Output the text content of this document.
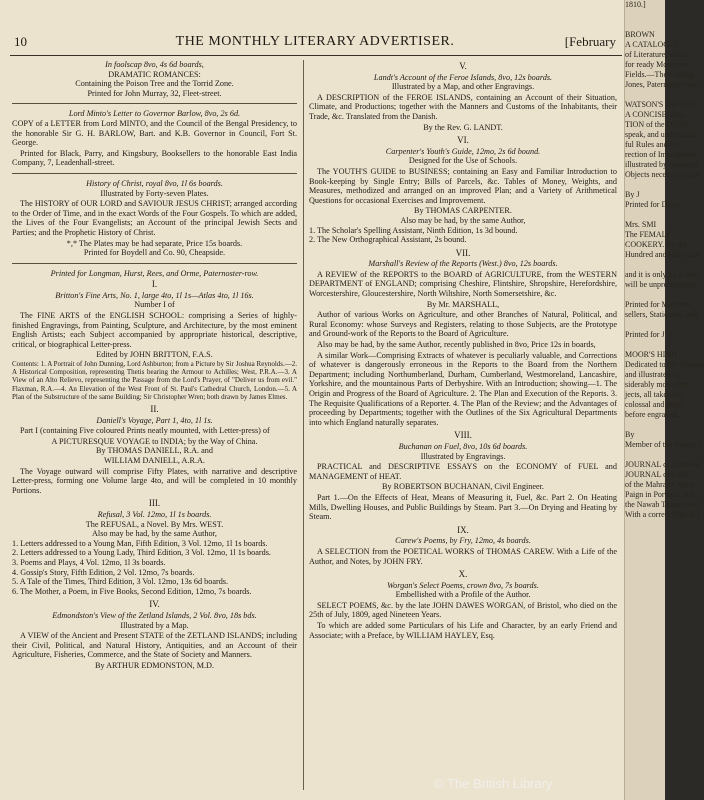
10	THE MONTHLY LITERARY ADVERTISER.	[February
In foolscap 8vo, 4s 6d boards,
DRAMATIC ROMANCES:
Containing the Poison Tree and the Torrid Zone.
Printed for John Murray, 32, Fleet-street.
Lord Minto's Letter to Governor Barlow, 8vo, 2s 6d.
COPY of a LETTER from Lord MINTO, and the Council of the Bengal Presidency, to the honorable Sir G. H. BARLOW, Bart. and K.B. Governor in Council, Fort St. George.
Printed for Black, Parry, and Kingsbury, Booksellers to the honorable East India Company, 7, Leadenhall-street.
History of Christ, royal 8vo, 1l 6s boards.
Illustrated by Forty-seven Plates.
The HISTORY of OUR LORD and SAVIOUR JESUS CHRIST; arranged according to the Order of Time, and in the exact Words of the Four Gospels. To which are added, the Lives of the Four Evangelists; an Account of the principal Jewish Sects and Parties; and the Prophetic History of Christ.
*,* The Plates may be had separate, Price 15s boards.
Printed for Boydell and Co. 90, Cheapside.
Printed for Longman, Hurst, Rees, and Orme, Paternoster-row.
I.
Britton's Fine Arts, No. 1, large 4to, 1l 1s—Atlas 4to, 1l 16s.
Number I of
The FINE ARTS of the ENGLISH SCHOOL: comprising a Series of highly-finished Engravings, from Painting, Sculpture, and Architecture, by the most eminent English Artists; each Subject accompanied by appropriate historical, descriptive, critical, or biographical Letter-press.
Edited by JOHN BRITTON, F.A.S.
Contents: 1. A Portrait of John Dunning, Lord Ashburton; from a Picture by Sir Joshua Reynolds.—2. A Historical Composition, representing Thetis bearing the Armour to Achilles; West, P.R.A.—3. A View of an Alto Relievo, representing the Passage from the Lord's Prayer, of "Deliver us from evil." Flaxman, R.A.—4. An Elevation of the West Front of St. Paul's Cathedral Church, London.—5. A Plan of the Substructure of the same Building; Sir Christopher Wren; both drawn by James Elmes.
II.
Daniell's Voyage, Part 1, 4to, 1l 1s.
Part I (containing Five coloured Prints neatly mounted, with Letter-press) of
A PICTURESQUE VOYAGE to INDIA; by the Way of China.
By THOMAS DANIELL, R.A. and
WILLIAM DANIELL, A.R.A.
The Voyage outward will comprise Fifty Plates, with narrative and descriptive Letter-press, forming one Volume large 4to, and will be completed in 10 monthly Portions.
III.
Refusal, 3 Vol. 12mo, 1l 1s boards.
The REFUSAL, a Novel. By Mrs. WEST.
Also may be had, by the same Author,
1. Letters addressed to a Young Man, Fifth Edition, 3 Vol. 12mo, 1l 1s boards.
2. Letters addressed to a Young Lady, Third Edition, 3 Vol. 12mo, 1l 1s boards.
3. Poems and Plays, 4 Vol. 12mo, 1l 3s boards.
4. Gossip's Story, Fifth Edition, 2 Vol. 12mo, 7s boards.
5. A Tale of the Times, Third Edition, 3 Vol. 12mo, 13s 6d boards.
6. The Mother, a Poem, in Five Books, Second Edition, 12mo, 7s boards.
IV.
Edmondston's View of the Zetland Islands, 2 Vol. 8vo, 18s bds.
Illustrated by a Map.
A VIEW of the Ancient and Present STATE of the ZETLAND ISLANDS; including their Civil, Political, and Natural History, Antiquities, and an Account of their Agriculture, Fisheries, Commerce, and the State of Society and Manners.
By ARTHUR EDMONSTON, M.D.
V.
Landt's Account of the Feroe Islands, 8vo, 12s boards.
Illustrated by a Map, and other Engravings.
A DESCRIPTION of the FEROE ISLANDS, containing an Account of their Situation, Climate, and Productions; together with the Manners and Customs of the Inhabitants, their Trade, &c. Translated from the Danish.
By the Rev. G. LANDT.
VI.
Carpenter's Youth's Guide, 12mo, 2s 6d bound.
Designed for the Use of Schools.
The YOUTH'S GUIDE to BUSINESS; containing an Easy and Familiar Introduction to Book-keeping by Single Entry; Bills of Parcels, &c. Tables of Money, Weights, and Measures, methodized and arranged on an improved Plan; and a Variety of Arithmetical Questions for occasional Exercises and Improvement.
By THOMAS CARPENTER.
Also may be had, by the same Author,
1. The Scholar's Spelling Assistant, Ninth Edition, 1s 3d bound.
2. The New Orthographical Assistant, 2s bound.
VII.
Marshall's Review of the Reports (West.) 8vo, 12s boards.
A REVIEW of the REPORTS to the BOARD of AGRICULTURE, from the WESTERN DEPARTMENT of ENGLAND; comprising Cheshire, Flintshire, Shropshire, Herefordshire, Worcestershire, Gloucestershire, North Wiltshire, North Somersetshire, &c.
By Mr. MARSHALL,
Author of various Works on Agriculture, and other Branches of Natural, Political, and Rural Economy: whose Surveys and Registers, relating to those Subjects, are the Prototype and Ground-work of the Reports to the Board of Agriculture.
Also may be had, by the same Author, recently published in 8vo, Price 12s in boards,
A similar Work—Comprising Extracts of whatever is peculiarly valuable, and Corrections of whatever is dangerously erroneous in the Reports to the Board from the Northern Department; including Northumberland, Durham, Cumberland, Westmoreland, Lancashire, Yorkshire, and the mountainous Parts of Derbyshire. With an Introduction; showing—1. The Origin and Progress of the Board of Agriculture. 2. The Plan and Execution of the Reports. 3. The Requisite Qualifications of a Reporter. 4. The Plan of the Review; and the Advantages of proceeding by Departments; together with the Outlines of the Six Agricultural Departments into which England naturally separates.
VIII.
Buchanan on Fuel, 8vo, 10s 6d boards.
Illustrated by Engravings.
PRACTICAL and DESCRIPTIVE ESSAYS on the ECONOMY of FUEL and MANAGEMENT of HEAT.
By ROBERTSON BUCHANAN, Civil Engineer.
Part 1.—On the Effects of Heat, Means of Measuring it, Fuel, &c. Part 2. On Heating Mills, Dwelling Houses, and Public Buildings by Steam. Part 3.—On Drying and Heating by Steam.
IX.
Carew's Poems, by Fry, 12mo, 4s boards.
A SELECTION from the POETICAL WORKS of THOMAS CAREW. With a Life of the Author, and Notes, by JOHN FRY.
X.
Worgan's Select Poems, crown 8vo, 7s boards.
Embellished with a Profile of the Author.
SELECT POEMS, &c. by the late JOHN DAWES WORGAN, of Bristol, who died on the 25th of July, 1809, aged Nineteen Years.
To which are added some Particulars of his Life and Character, by an early Friend and Associate; with a Preface, by WILLIAM HAYLEY, Esq.
1810.]

BROWN
A CATALOGUE
of Literature, which
for ready Money on
Fields.—The Catalog
Jones, Paternoster-row

WATSON'S INSTRU
A CONCISE Theo
TION of the DEAF
speak, and understand
ful Rules and Ex-
rection of Impediment
illustrated by numerou
Objects necessary to be

By J
Printed for Darto

Mrs. SMI
The FEMALE
COOKERY. By the
Hundred and Fifty valu

and it is only by a very
will be unprecedented

Printed for Mathews
sellers, Stationers, and

Printed for J. J

MOOR'S HIND
Dedicated to the Honour
and illustrated by
siderably more than
jects, all taken fro
colossal and other
before engraved.

By
Member of the Asiatic S

JOURNAL of Lord We
JOURNAL of a RE
of the Mahratta Army
Paign in Portugal and
the Nawab Tippoo Sult
With a correct Plan of t
© The British Library
